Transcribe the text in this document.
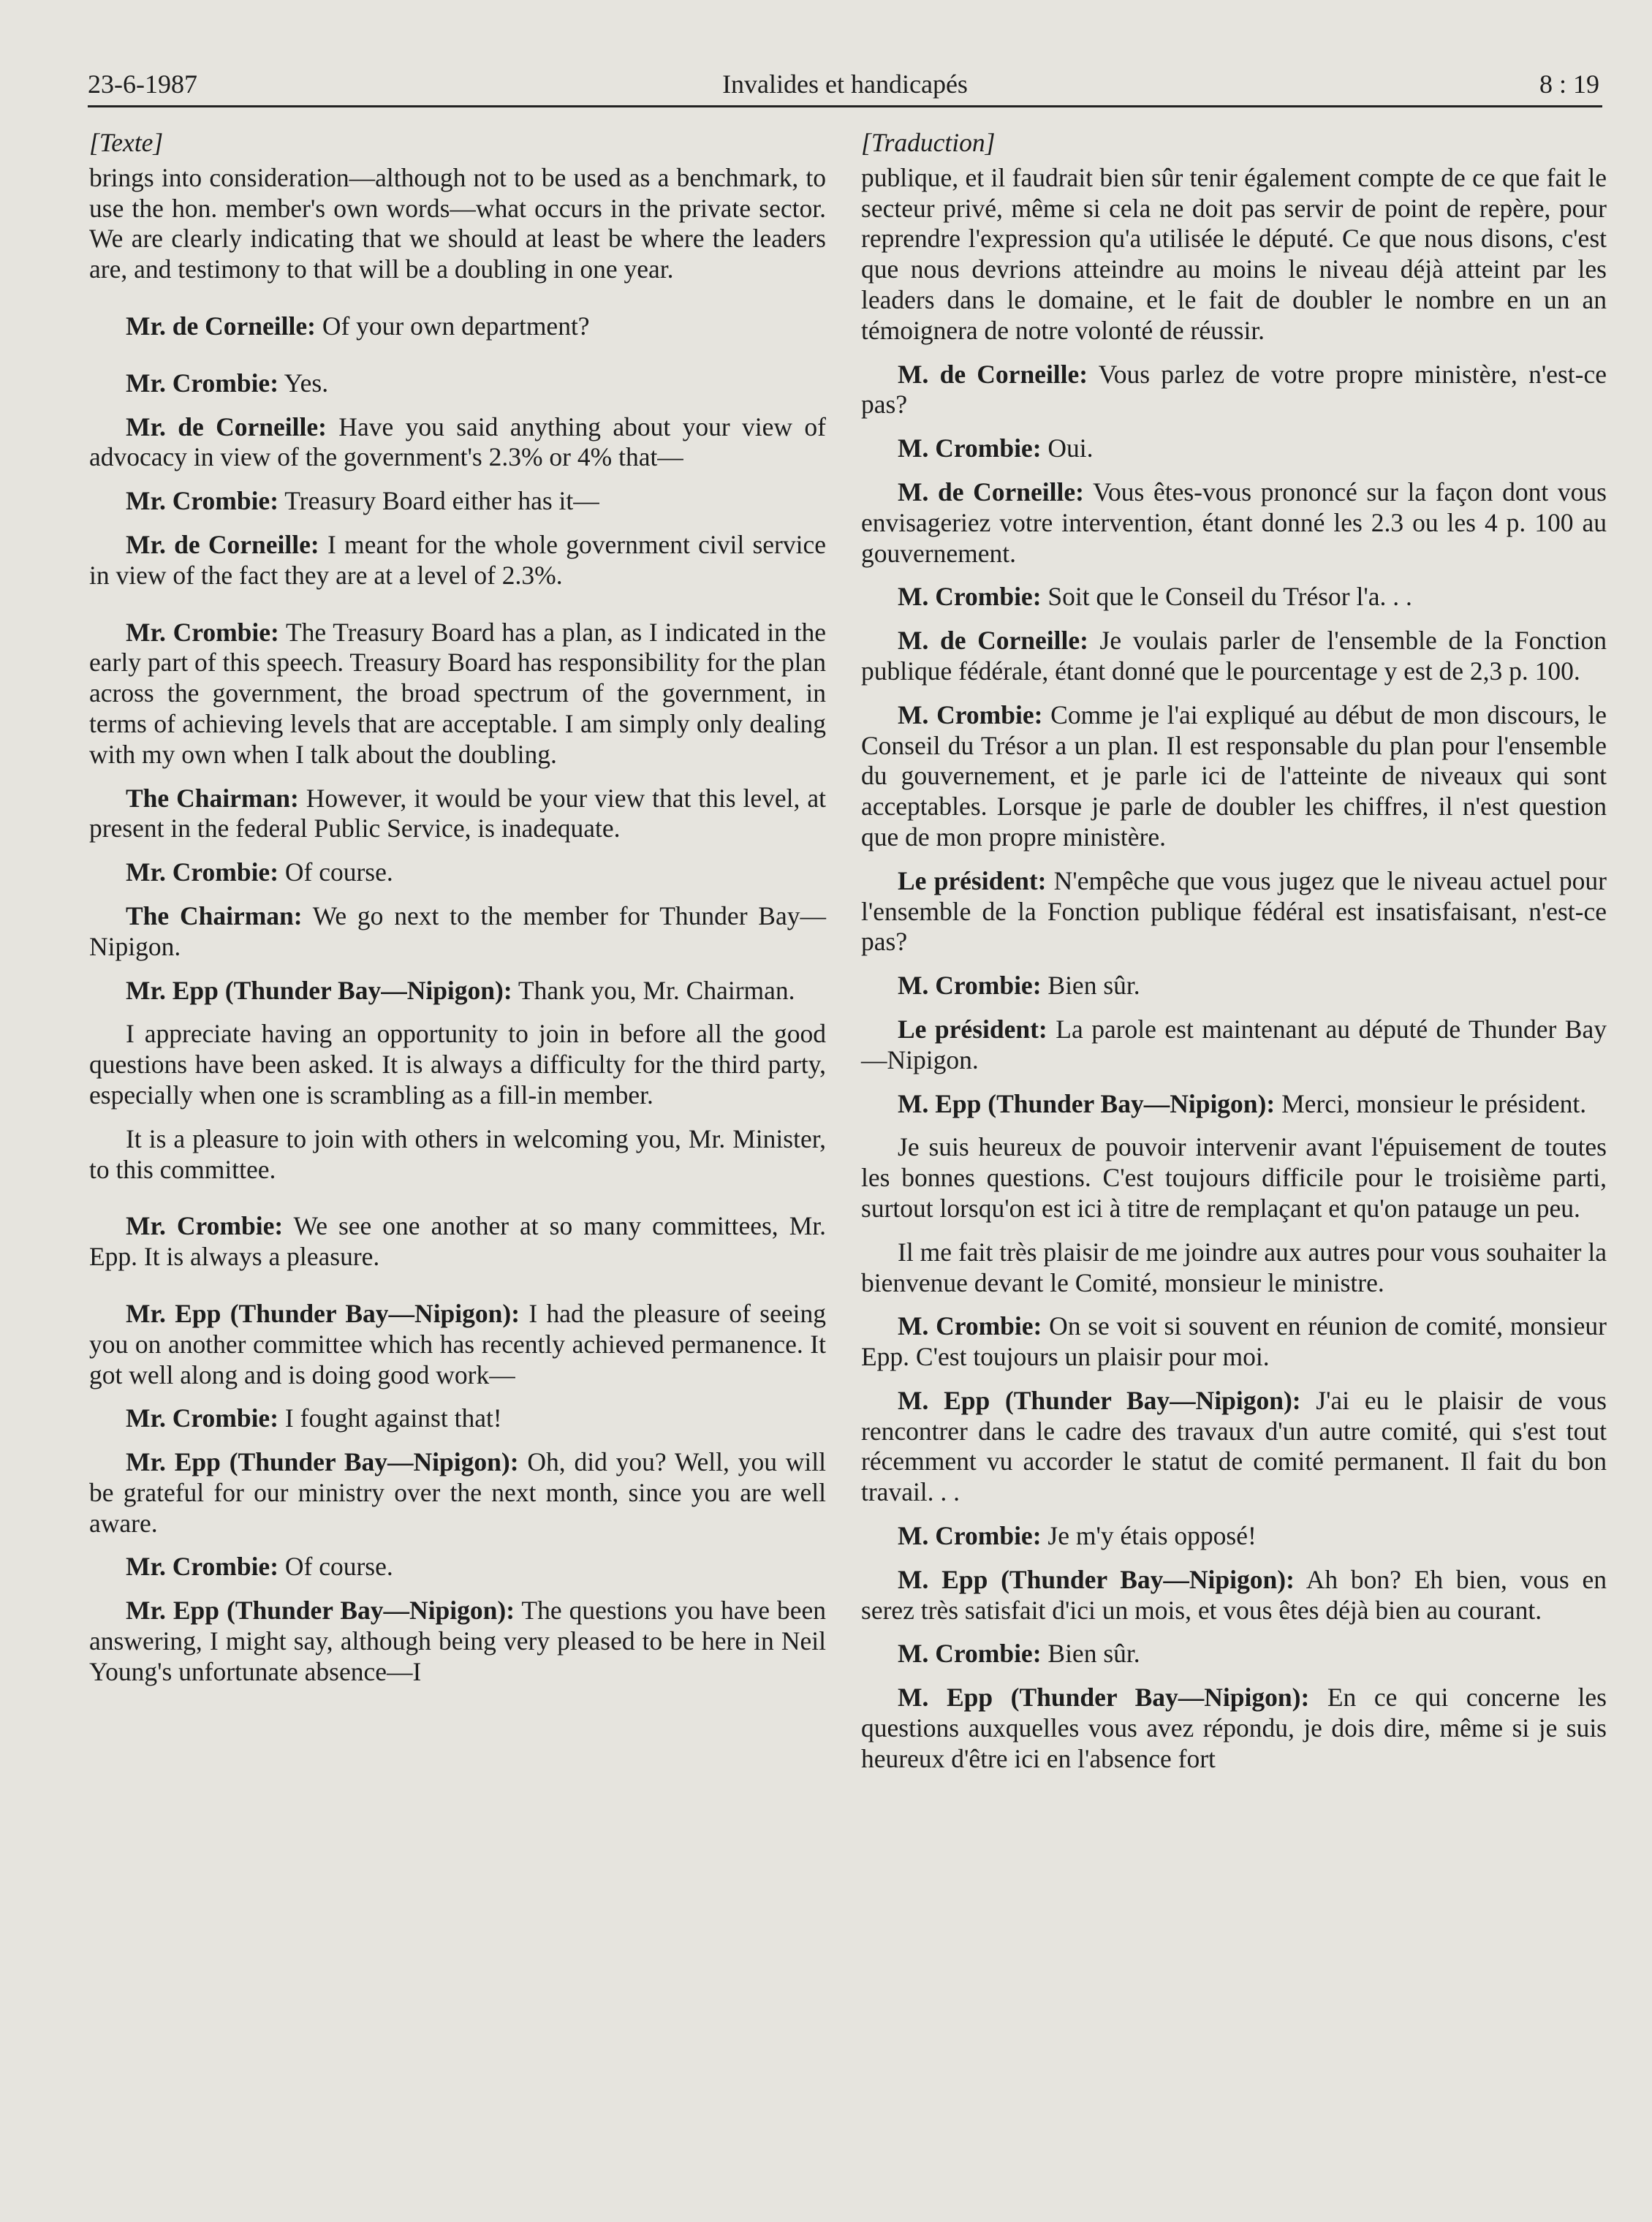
23-6-1987	Invalides et handicapés	8 : 19
[Texte]

brings into consideration—although not to be used as a benchmark, to use the hon. member's own words—what occurs in the private sector. We are clearly indicating that we should at least be where the leaders are, and testimony to that will be a doubling in one year.

Mr. de Corneille: Of your own department?

Mr. Crombie: Yes.

Mr. de Corneille: Have you said anything about your view of advocacy in view of the government's 2.3% or 4% that—

Mr. Crombie: Treasury Board either has it—

Mr. de Corneille: I meant for the whole government civil service in view of the fact they are at a level of 2.3%.

Mr. Crombie: The Treasury Board has a plan, as I indicated in the early part of this speech. Treasury Board has responsibility for the plan across the government, the broad spectrum of the government, in terms of achieving levels that are acceptable. I am simply only dealing with my own when I talk about the doubling.

The Chairman: However, it would be your view that this level, at present in the federal Public Service, is inadequate.

Mr. Crombie: Of course.

The Chairman: We go next to the member for Thunder Bay—Nipigon.

Mr. Epp (Thunder Bay—Nipigon): Thank you, Mr. Chairman.

I appreciate having an opportunity to join in before all the good questions have been asked. It is always a difficulty for the third party, especially when one is scrambling as a fill-in member.

It is a pleasure to join with others in welcoming you, Mr. Minister, to this committee.

Mr. Crombie: We see one another at so many committees, Mr. Epp. It is always a pleasure.

Mr. Epp (Thunder Bay—Nipigon): I had the pleasure of seeing you on another committee which has recently achieved permanence. It got well along and is doing good work—

Mr. Crombie: I fought against that!

Mr. Epp (Thunder Bay—Nipigon): Oh, did you? Well, you will be grateful for our ministry over the next month, since you are well aware.

Mr. Crombie: Of course.

Mr. Epp (Thunder Bay—Nipigon): The questions you have been answering, I might say, although being very pleased to be here in Neil Young's unfortunate absence—I

[Traduction]

publique, et il faudrait bien sûr tenir également compte de ce que fait le secteur privé, même si cela ne doit pas servir de point de repère, pour reprendre l'expression qu'a utilisée le député. Ce que nous disons, c'est que nous devrions atteindre au moins le niveau déjà atteint par les leaders dans le domaine, et le fait de doubler le nombre en un an témoignera de notre volonté de réussir.

M. de Corneille: Vous parlez de votre propre ministère, n'est-ce pas?

M. Crombie: Oui.

M. de Corneille: Vous êtes-vous prononcé sur la façon dont vous envisageriez votre intervention, étant donné les 2.3 ou les 4 p. 100 au gouvernement.

M. Crombie: Soit que le Conseil du Trésor l'a. . .

M. de Corneille: Je voulais parler de l'ensemble de la Fonction publique fédérale, étant donné que le pourcentage y est de 2,3 p. 100.

M. Crombie: Comme je l'ai expliqué au début de mon discours, le Conseil du Trésor a un plan. Il est responsable du plan pour l'ensemble du gouvernement, et je parle ici de l'atteinte de niveaux qui sont acceptables. Lorsque je parle de doubler les chiffres, il n'est question que de mon propre ministère.

Le président: N'empêche que vous jugez que le niveau actuel pour l'ensemble de la Fonction publique fédéral est insatisfaisant, n'est-ce pas?

M. Crombie: Bien sûr.

Le président: La parole est maintenant au député de Thunder Bay—Nipigon.

M. Epp (Thunder Bay—Nipigon): Merci, monsieur le président.

Je suis heureux de pouvoir intervenir avant l'épuisement de toutes les bonnes questions. C'est toujours difficile pour le troisième parti, surtout lorsqu'on est ici à titre de remplaçant et qu'on patauge un peu.

Il me fait très plaisir de me joindre aux autres pour vous souhaiter la bienvenue devant le Comité, monsieur le ministre.

M. Crombie: On se voit si souvent en réunion de comité, monsieur Epp. C'est toujours un plaisir pour moi.

M. Epp (Thunder Bay—Nipigon): J'ai eu le plaisir de vous rencontrer dans le cadre des travaux d'un autre comité, qui s'est tout récemment vu accorder le statut de comité permanent. Il fait du bon travail. . .

M. Crombie: Je m'y étais opposé!

M. Epp (Thunder Bay—Nipigon): Ah bon? Eh bien, vous en serez très satisfait d'ici un mois, et vous êtes déjà bien au courant.

M. Crombie: Bien sûr.

M. Epp (Thunder Bay—Nipigon): En ce qui concerne les questions auxquelles vous avez répondu, je dois dire, même si je suis heureux d'être ici en l'absence fort
